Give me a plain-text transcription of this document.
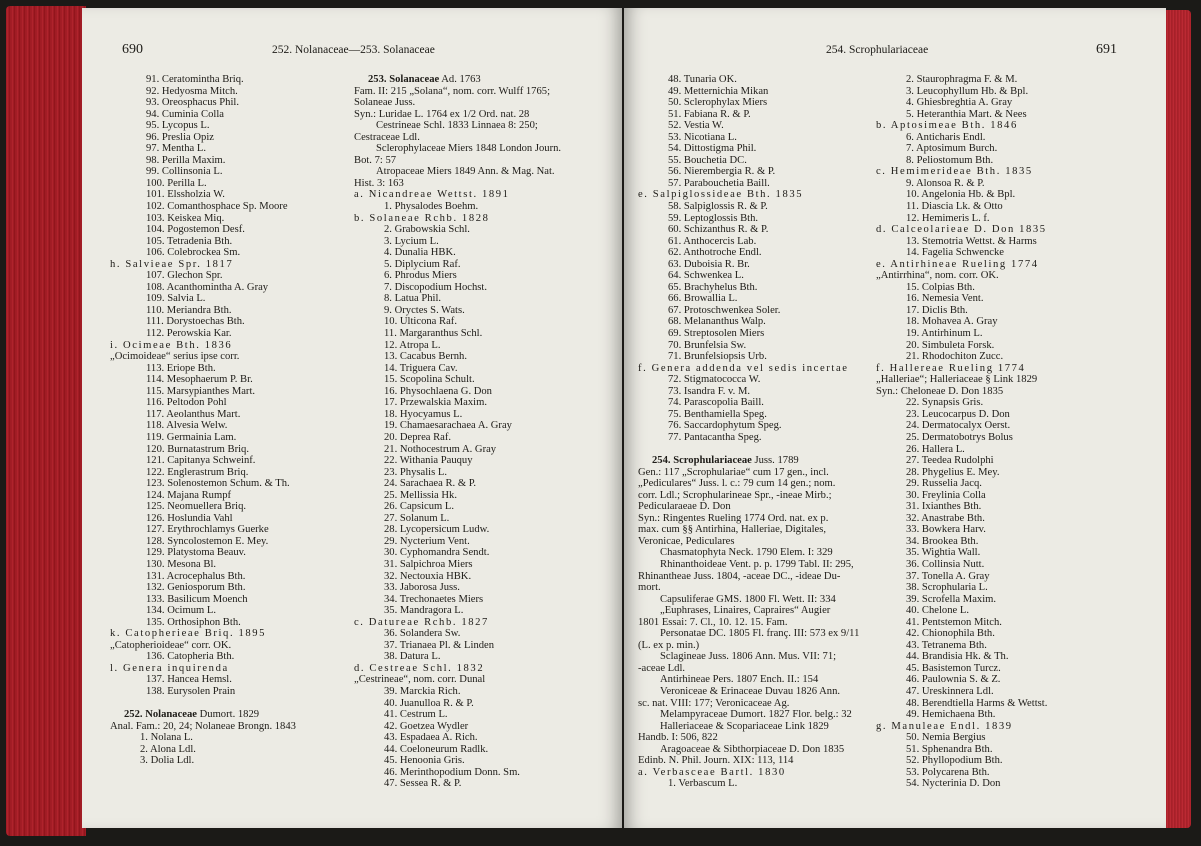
690	252. Nolanaceae—253. Solanaceae
91. Ceratomintha Briq.
92. Hedyosma Mitch.
93. Oreosphacus Phil.
94. Cuminia Colla
95. Lycopus L.
96. Preslia Opiz
97. Mentha L.
98. Perilla Maxim.
99. Collinsonia L.
100. Perilla L.
101. Elssholzia W.
102. Comanthosphace Sp. Moore
103. Keiskea Miq.
104. Pogostemon Desf.
105. Tetradenia Bth.
106. Colebrockea Sm.
h. Salvieae Spr. 1817
107. Glechon Spr.
108. Acanthomintha A. Gray
109. Salvia L.
110. Meriandra Bth.
111. Dorystoechas Bth.
112. Perowskia Kar.
i. Ocimeae Bth. 1836
„Ocimoideae“ serius ipse corr.
113. Eriope Bth.
114. Mesophaerum P. Br.
115. Marsypianthes Mart.
116. Peltodon Pohl
117. Aeolanthus Mart.
118. Alvesia Welw.
119. Germainia Lam.
120. Burnatastrum Briq.
121. Capitanya Schweinf.
122. Englerastrum Briq.
123. Solenostemon Schum. & Th.
124. Majana Rumpf
125. Neomuellera Briq.
126. Hoslundia Vahl
127. Erythrochlamys Guerke
128. Syncolostemon E. Mey.
129. Platystoma Beauv.
130. Mesona Bl.
131. Acrocephalus Bth.
132. Geniosporum Bth.
133. Basilicum Moench
134. Ocimum L.
135. Orthosiphon Bth.
k. Catopherieae Briq. 1895
„Catopherioideae“ corr. OK.
136. Catopheria Bth.
l. Genera inquirenda
137. Hancea Hemsl.
138. Eurysolen Prain
252. Nolanaceae Dumort. 1829
Anal. Fam.: 20, 24; Nolaneae Brongn. 1843
1. Nolana L.
2. Alona Ldl.
3. Dolia Ldl.
253. Solanaceae Ad. 1763
Fam. II: 215 „Solana“, nom. corr. Wulff 1765;
Solaneae Juss.
Syn.: Luridae L. 1764 ex 1/2 Ord. nat. 28
Cestrineae Schl. 1833 Linnaea 8: 250;
Cestraceae Ldl.
Sclerophylaceae Miers 1848 London Journ.
Bot. 7: 57
Atropaceae Miers 1849 Ann. & Mag. Nat.
Hist. 3: 163
a. Nicandreae Wettst. 1891
1. Physalodes Boehm.
b. Solaneae Rchb. 1828
2. Grabowskia Schl.
3. Lycium L.
4. Dunalia HBK.
5. Diplycium Raf.
6. Phrodus Miers
7. Discopodium Hochst.
8. Latua Phil.
9. Oryctes S. Wats.
10. Ulticona Raf.
11. Margaranthus Schl.
12. Atropa L.
13. Cacabus Bernh.
14. Triguera Cav.
15. Scopolina Schult.
16. Physochlaena G. Don
17. Przewalskia Maxim.
18. Hyocyamus L.
19. Chamaesarachaea A. Gray
20. Deprea Raf.
21. Nothocestrum A. Gray
22. Withania Pauquy
23. Physalis L.
24. Sarachaea R. & P.
25. Mellissia Hk.
26. Capsicum L.
27. Solanum L.
28. Lycopersicum Ludw.
29. Nycterium Vent.
30. Cyphomandra Sendt.
31. Salpichroa Miers
32. Nectouxia HBK.
33. Jaborosa Juss.
34. Trechonaetes Miers
35. Mandragora L.
c. Datureae Rchb. 1827
36. Solandera Sw.
37. Trianaea Pl. & Linden
38. Datura L.
d. Cestreae Schl. 1832
„Cestrineae“, nom. corr. Dunal
39. Marckia Rich.
40. Juanulloa R. & P.
41. Cestrum L.
42. Goetzea Wydler
43. Espadaea A. Rich.
44. Coeloneurum Radlk.
45. Henoonia Gris.
46. Merinthopodium Donn. Sm.
47. Sessea R. & P.
691
254. Scrophulariaceae
48. Tunaria OK.
49. Metternichia Mikan
50. Sclerophylax Miers
51. Fabiana R. & P.
52. Vestia W.
53. Nicotiana L.
54. Dittostigma Phil.
55. Bouchetia DC.
56. Nierembergia R. & P.
57. Parabouchetia Baill.
e. Salpiglossideae Bth. 1835
58. Salpiglossis R. & P.
59. Leptoglossis Bth.
60. Schizanthus R. & P.
61. Anthocercis Lab.
62. Anthotroche Endl.
63. Duboisia R. Br.
64. Schwenkea L.
65. Brachyhelus Bth.
66. Browallia L.
67. Protoschwenkea Soler.
68. Melananthus Walp.
69. Streptosolen Miers
70. Brunfelsia Sw.
71. Brunfelsiopsis Urb.
f. Genera addenda vel sedis incertae
72. Stigmatococca W.
73. Isandra F. v. M.
74. Parascopolia Baill.
75. Benthamiella Speg.
76. Saccardophytum Speg.
77. Pantacantha Speg.
254. Scrophulariaceae Juss. 1789
Gen.: 117 „Scrophulariae“ cum 17 gen., incl.
„Pediculares“ Juss. l. c.: 79 cum 14 gen.; nom.
corr. Ldl.; Scrophularineae Spr., -ineae Mirb.;
Pedicularaeae D. Don
Syn.: Ringentes Rueling 1774 Ord. nat. ex p.
max. cum §§ Antirhina, Halleriae, Digitales,
Veronicae, Pediculares
Chasmatophyta Neck. 1790 Elem. I: 329
Rhinanthoideae Vent. p. p. 1799 Tabl. II: 295,
Rhinantheae Juss. 1804, -aceae DC., -ideae Du-
mort.
Capsuliferae GMS. 1800 Fl. Wett. II: 334
„Euphrases, Linaires, Capraires“ Augier
1801 Essai: 7. Cl., 10. 12. 15. Fam.
Personatae DC. 1805 Fl. franç. III: 573 ex 9/11
(L. ex p. min.)
Sclagineae Juss. 1806 Ann. Mus. VII: 71;
-aceae Ldl.
Antirhineae Pers. 1807 Ench. II.: 154
Veroniceae & Erinaceae Duvau 1826 Ann.
sc. nat. VIII: 177; Veronicaceae Ag.
Melampyraceae Dumort. 1827 Flor. belg.: 32
Halleriaceae & Scopariaceae Link 1829
Handb. I: 506, 822
Aragoaceae & Sibthorpiaceae D. Don 1835
Edinb. N. Phil. Journ. XIX: 113, 114
a. Verbasceae Bartl. 1830
1. Verbascum L.
2. Staurophragma F. & M.
3. Leucophyllum Hb. & Bpl.
4. Ghiesbreghtia A. Gray
5. Heteranthia Mart. & Nees
b. Aptosimeae Bth. 1846
6. Anticharis Endl.
7. Aptosimum Burch.
8. Peliostomum Bth.
c. Hemimerideae Bth. 1835
9. Alonsoa R. & P.
10. Angelonia Hb. & Bpl.
11. Diascia Lk. & Otto
12. Hemimeris L. f.
d. Calceolarieae D. Don 1835
13. Stemotria Wettst. & Harms
14. Fagelia Schwencke
e. Antirhineae Rueling 1774
„Antirrhina“, nom. corr. OK.
15. Colpias Bth.
16. Nemesia Vent.
17. Diclis Bth.
18. Mohavea A. Gray
19. Antirhinum L.
20. Simbuleta Forsk.
21. Rhodochiton Zucc.
f. Hallereae Rueling 1774
„Halleriae“; Halleriaceae § Link 1829
Syn.: Cheloneae D. Don 1835
22. Synapsis Gris.
23. Leucocarpus D. Don
24. Dermatocalyx Oerst.
25. Dermatobotrys Bolus
26. Hallera L.
27. Teedea Rudolphi
28. Phygelius E. Mey.
29. Russelia Jacq.
30. Freylinia Colla
31. Ixianthes Bth.
32. Anastrabe Bth.
33. Bowkera Harv.
34. Brookea Bth.
35. Wightia Wall.
36. Collinsia Nutt.
37. Tonella A. Gray
38. Scrophularia L.
39. Scrofella Maxim.
40. Chelone L.
41. Pentstemon Mitch.
42. Chionophila Bth.
43. Tetranema Bth.
44. Brandisia Hk. & Th.
45. Basistemon Turcz.
46. Paulownia S. & Z.
47. Ureskinnera Ldl.
48. Berendtiella Harms & Wettst.
49. Hemichaena Bth.
g. Manuleae Endl. 1839
50. Nemia Bergius
51. Sphenandra Bth.
52. Phyllopodium Bth.
53. Polycarena Bth.
54. Nycterinia D. Don
